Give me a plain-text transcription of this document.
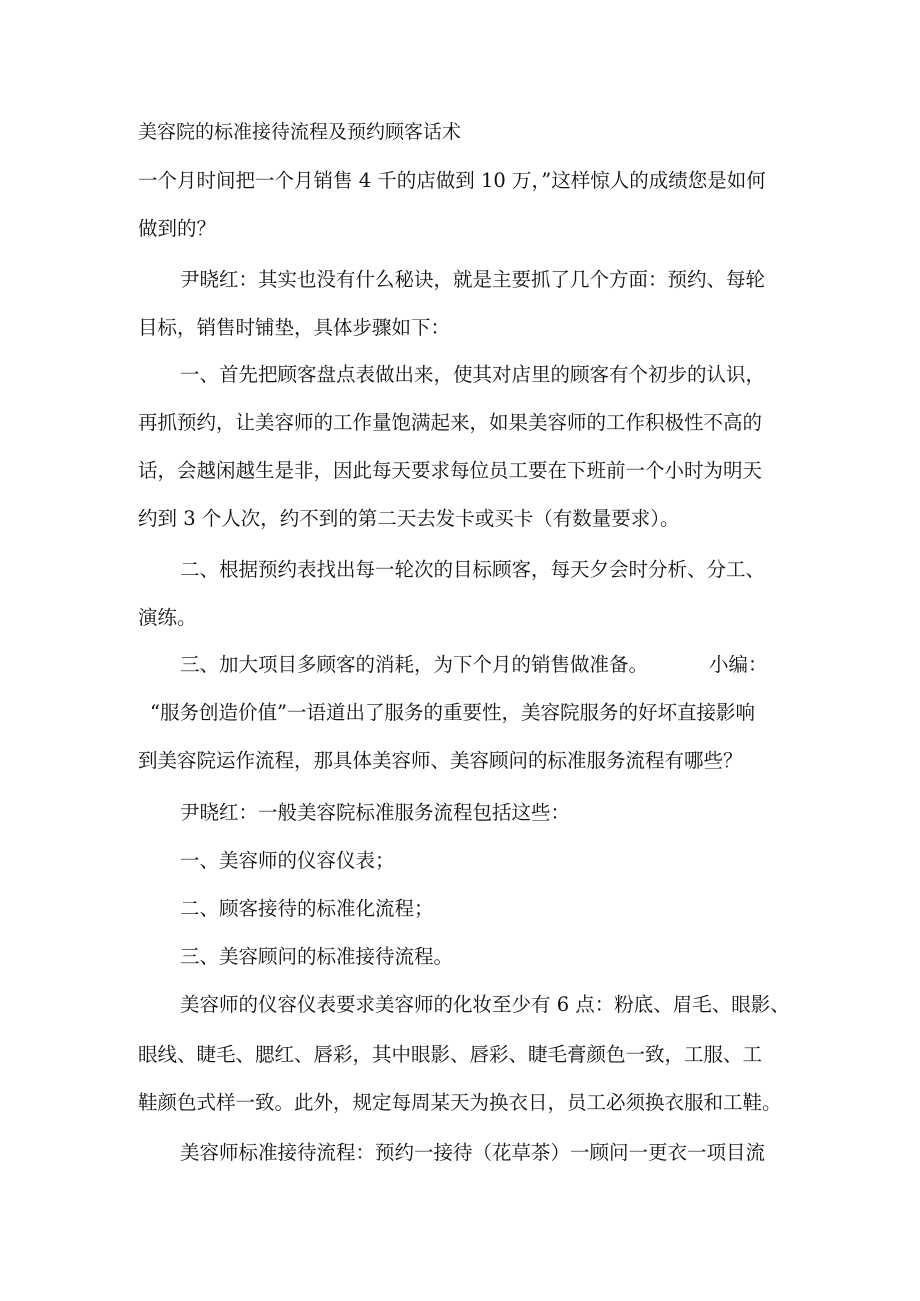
美容院的标准接待流程及预约顾客话术
一个月时间把一个月销售 4 千的店做到 10 万，”这样惊人的成绩您是如何
做到的？
尹晓红：其实也没有什么秘诀，就是主要抓了几个方面：预约、每轮
目标，销售时铺垫，具体步骤如下：
一、首先把顾客盘点表做出来，使其对店里的顾客有个初步的认识，
再抓预约，让美容师的工作量饱满起来，如果美容师的工作积极性不高的
话，会越闲越生是非，因此每天要求每位员工要在下班前一个小时为明天
约到 3 个人次，约不到的第二天去发卡或买卡（有数量要求）。
二、根据预约表找出每一轮次的目标顾客，每天夕会时分析、分工、
演练。
三、加大项目多顾客的消耗，为下个月的销售做准备。	小编：
“服务创造价值”一语道出了服务的重要性，美容院服务的好坏直接影响
到美容院运作流程，那具体美容师、美容顾问的标准服务流程有哪些？
尹晓红：一般美容院标准服务流程包括这些：
一、美容师的仪容仪表；
二、顾客接待的标准化流程；
三、美容顾问的标准接待流程。
美容师的仪容仪表要求美容师的化妆至少有 6 点：粉底、眉毛、眼影、
眼线、睫毛、腮红、唇彩，其中眼影、唇彩、睫毛膏颜色一致，工服、工
鞋颜色式样一致。此外，规定每周某天为换衣日，员工必须换衣服和工鞋。
美容师标准接待流程：预约一接待（花草茶）一顾问一更衣一项目流
